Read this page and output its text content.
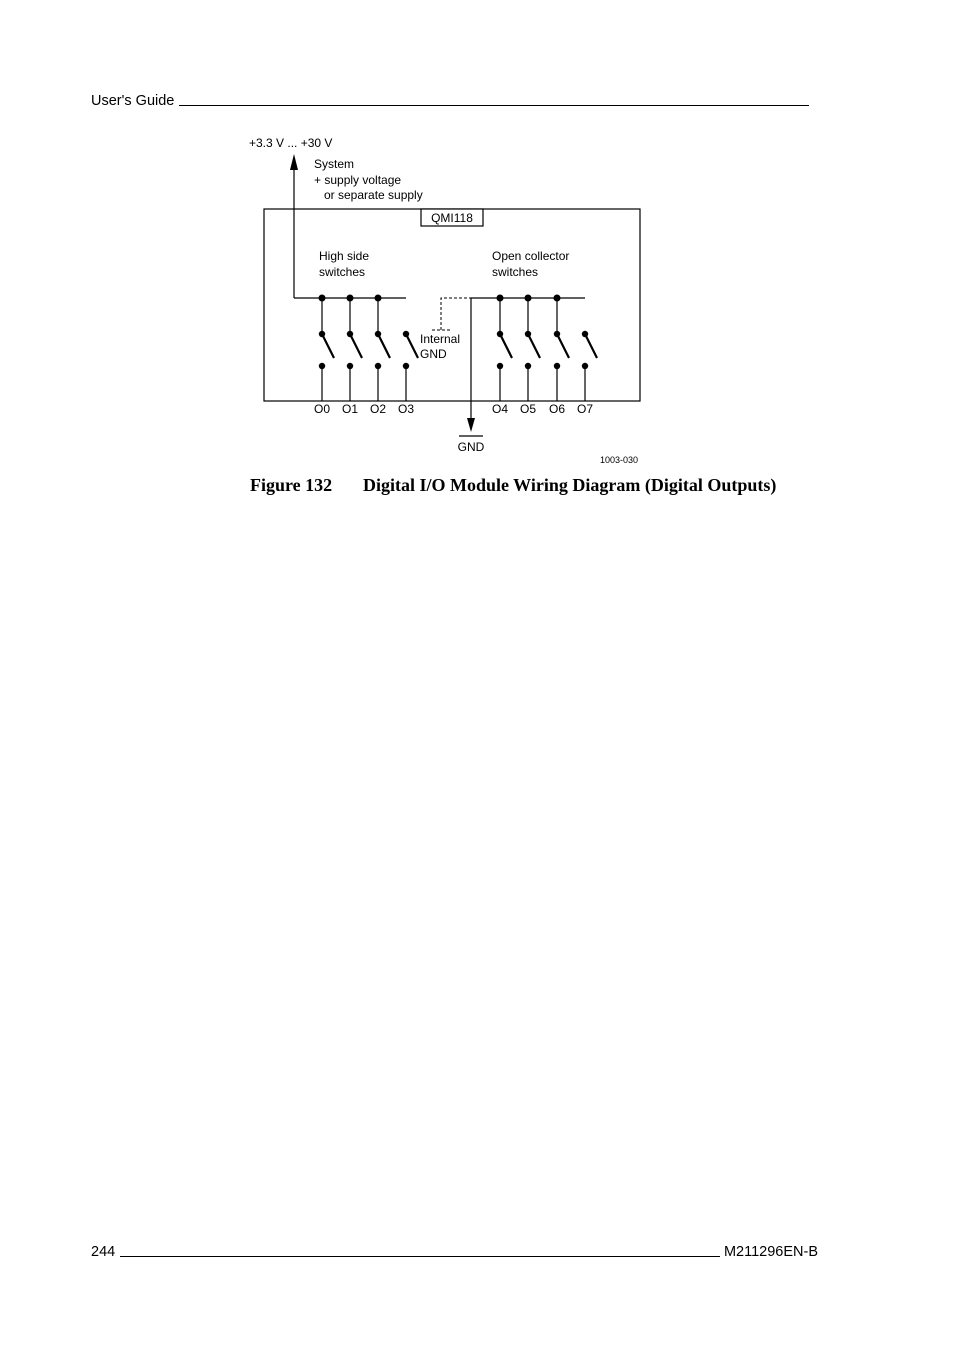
User's Guide
+3.3 V ... +30 V
System
+ supply voltage
or separate supply
QMI118
High side
switches
Open collector
switches
Internal
GND
GND
O0 O1 O2 O3	O4 O5 O6 O7
1003-030
Figure 132 Digital I/O Module Wiring Diagram (Digital Outputs)
244	M211296EN-B
